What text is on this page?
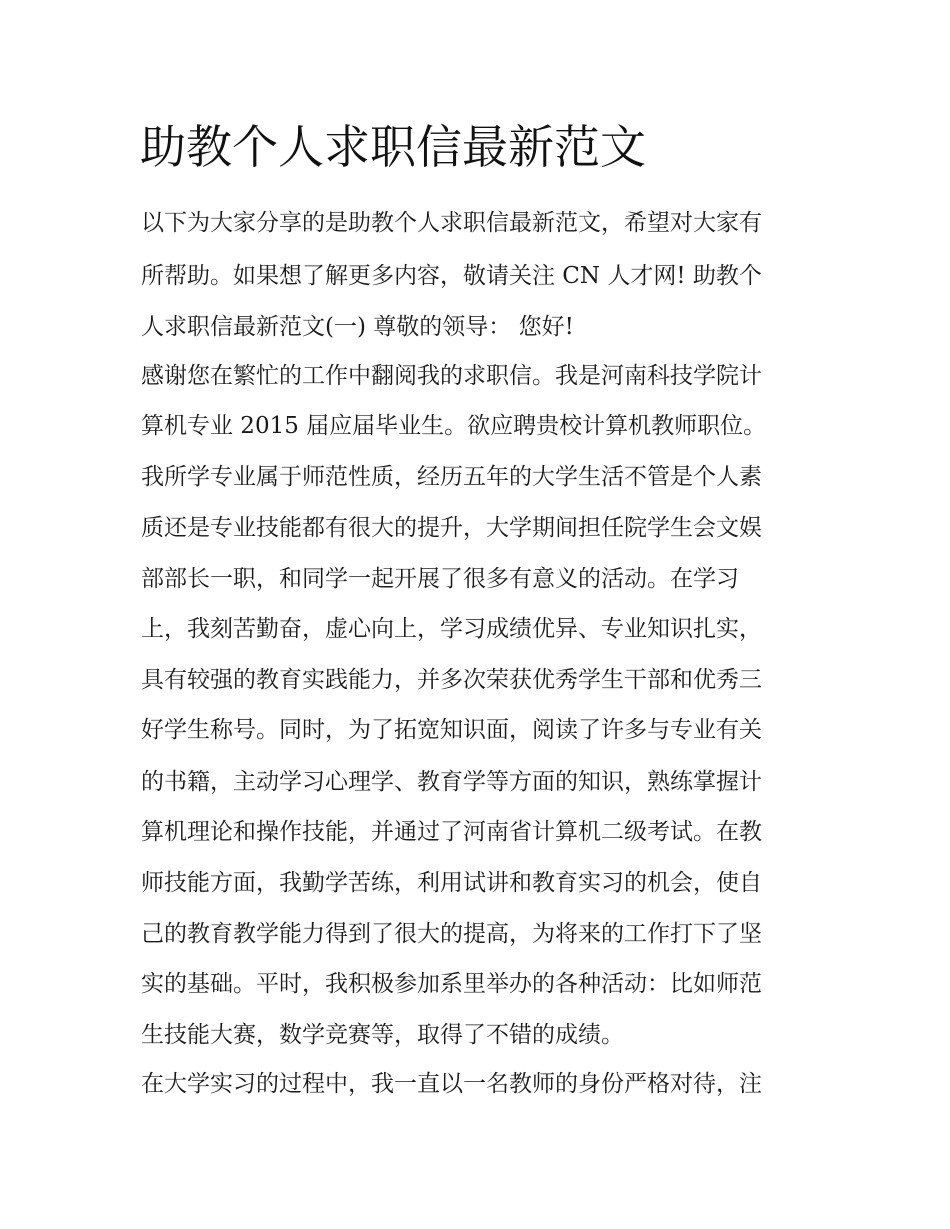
助教个人求职信最新范文
以下为大家分享的是助教个人求职信最新范文，希望对大家有
所帮助。如果想了解更多内容，敬请关注 CN 人才网! 助教个
人求职信最新范文(一) 尊敬的领导： 您好!
感谢您在繁忙的工作中翻阅我的求职信。我是河南科技学院计
算机专业 2015 届应届毕业生。欲应聘贵校计算机教师职位。
我所学专业属于师范性质，经历五年的大学生活不管是个人素
质还是专业技能都有很大的提升，大学期间担任院学生会文娱
部部长一职，和同学一起开展了很多有意义的活动。在学习
上，我刻苦勤奋，虚心向上，学习成绩优异、专业知识扎实，
具有较强的教育实践能力，并多次荣获优秀学生干部和优秀三
好学生称号。同时，为了拓宽知识面，阅读了许多与专业有关
的书籍，主动学习心理学、教育学等方面的知识，熟练掌握计
算机理论和操作技能，并通过了河南省计算机二级考试。在教
师技能方面，我勤学苦练，利用试讲和教育实习的机会，使自
己的教育教学能力得到了很大的提高，为将来的工作打下了坚
实的基础。平时，我积极参加系里举办的各种活动：比如师范
生技能大赛，数学竞赛等，取得了不错的成绩。
在大学实习的过程中，我一直以一名教师的身份严格对待，注
